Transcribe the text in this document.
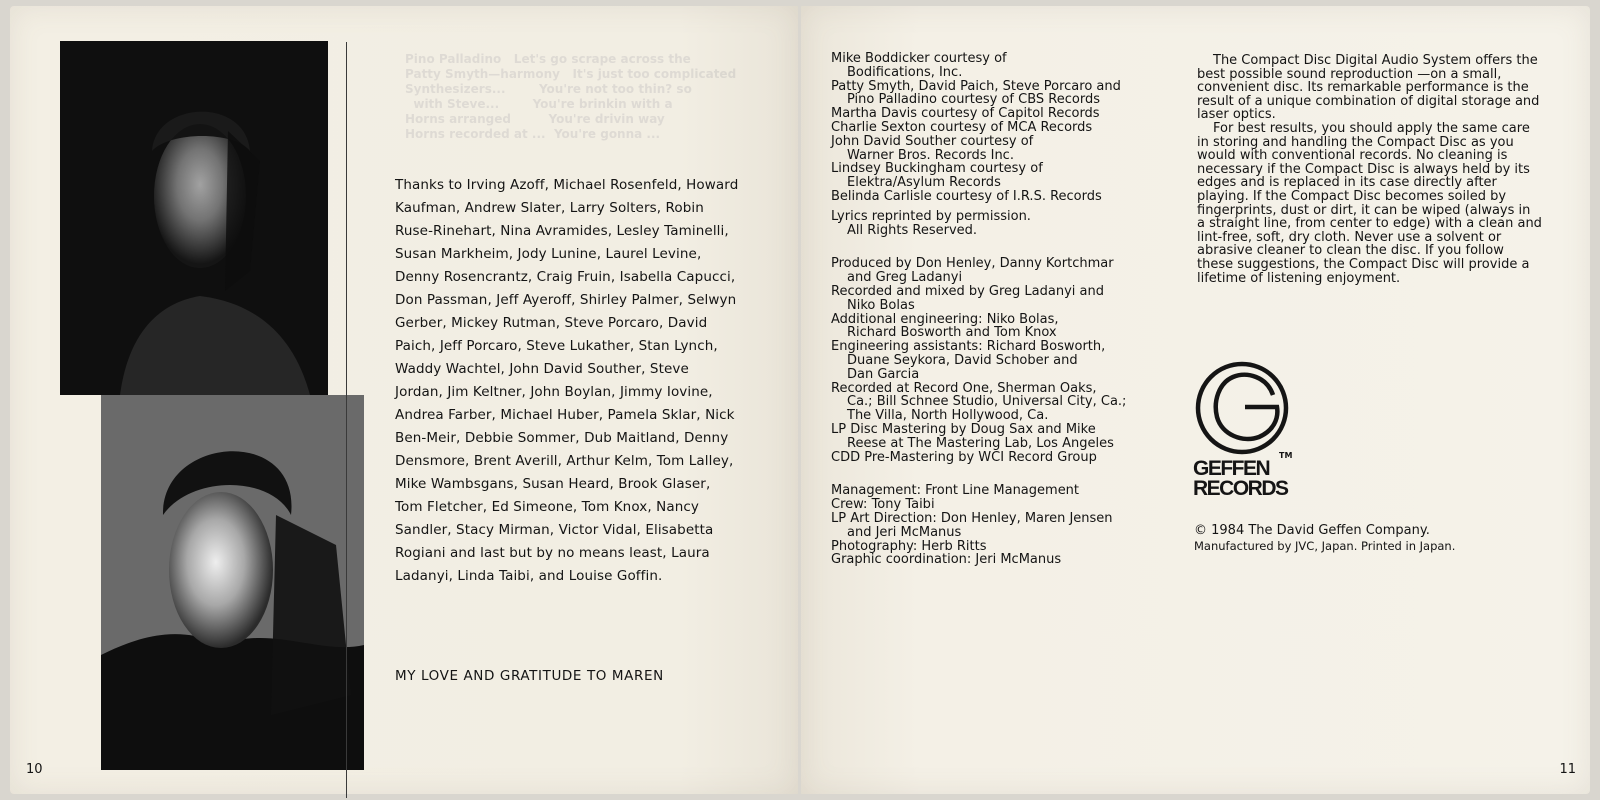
Pino Palladino   Let's go scrape across the
Patty Smyth—harmony   It's just too complicated
Synthesizers...        You're not too thin? so
with Steve...        You're brinkin with a
Horns arranged         You're drivin way
Horns recorded at ...  You're gonna ...
Thanks to Irving Azoff, Michael Rosenfeld, Howard Kaufman, Andrew Slater, Larry Solters, Robin Ruse-Rinehart, Nina Avramides, Lesley Taminelli, Susan Markheim, Jody Lunine, Laurel Levine, Denny Rosencrantz, Craig Fruin, Isabella Capucci, Don Passman, Jeff Ayeroff, Shirley Palmer, Selwyn Gerber, Mickey Rutman, Steve Porcaro, David Paich, Jeff Porcaro, Steve Lukather, Stan Lynch, Waddy Wachtel, John David Souther, Steve Jordan, Jim Keltner, John Boylan, Jimmy Iovine, Andrea Farber, Michael Huber, Pamela Sklar, Nick Ben-Meir, Debbie Sommer, Dub Maitland, Denny Densmore, Brent Averill, Arthur Kelm, Tom Lalley, Mike Wambsgans, Susan Heard, Brook Glaser, Tom Fletcher, Ed Simeone, Tom Knox, Nancy Sandler, Stacy Mirman, Victor Vidal, Elisabetta Rogiani and last but by no means least, Laura Ladanyi, Linda Taibi, and Louise Goffin.
MY LOVE AND GRATITUDE TO MAREN
10
Mike Boddicker courtesy of
Bodifications, Inc.
Patty Smyth, David Paich, Steve Porcaro and
Pino Palladino courtesy of CBS Records
Martha Davis courtesy of Capitol Records
Charlie Sexton courtesy of MCA Records
John David Souther courtesy of
Warner Bros. Records Inc.
Lindsey Buckingham courtesy of
Elektra/Asylum Records
Belinda Carlisle courtesy of I.R.S. Records
Lyrics reprinted by permission.
All Rights Reserved.
Produced by Don Henley, Danny Kortchmar
and Greg Ladanyi
Recorded and mixed by Greg Ladanyi and
Niko Bolas
Additional engineering: Niko Bolas,
Richard Bosworth and Tom Knox
Engineering assistants: Richard Bosworth,
Duane Seykora, David Schober and
Dan Garcia
Recorded at Record One, Sherman Oaks,
Ca.; Bill Schnee Studio, Universal City, Ca.;
The Villa, North Hollywood, Ca.
LP Disc Mastering by Doug Sax and Mike
Reese at The Mastering Lab, Los Angeles
CDD Pre-Mastering by WCI Record Group
Management: Front Line Management
Crew: Tony Taibi
LP Art Direction: Don Henley, Maren Jensen
and Jeri McManus
Photography: Herb Ritts
Graphic coordination: Jeri McManus

The Compact Disc Digital Audio System offers the best possible sound reproduction —on a small, convenient disc. Its remarkable performance is the result of a unique combination of digital storage and laser optics.

For best results, you should apply the same care in storing and handling the Compact Disc as you would with conventional records. No cleaning is necessary if the Compact Disc is always held by its edges and is replaced in its case directly after playing. If the Compact Disc becomes soiled by fingerprints, dust or dirt, it can be wiped (always in a straight line, from center to edge) with a clean and lint-free, soft, dry cloth. Never use a solvent or abrasive cleaner to clean the disc. If you follow these suggestions, the Compact Disc will provide a lifetime of listening enjoyment.

TM
GEFFEN
RECORDS
© 1984 The David Geffen Company.
Manufactured by JVC, Japan. Printed in Japan.
11
